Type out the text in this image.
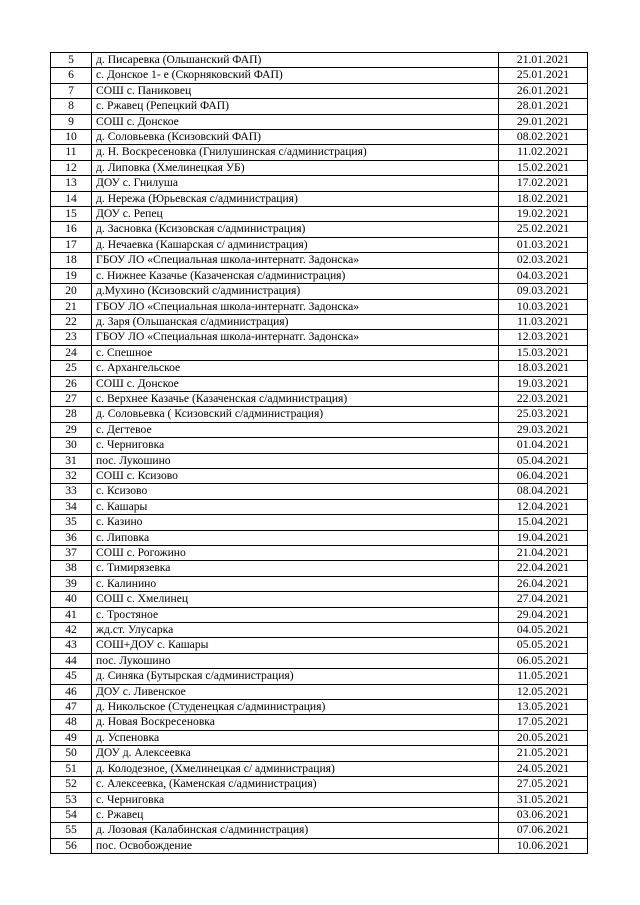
5	д. Писаревка (Ольшанский ФАП)	21.01.2021
6	с. Донское 1- е (Скорняковский ФАП)	25.01.2021
7	СОШ с. Паниковец	26.01.2021
8	с. Ржавец (Репецкий ФАП)	28.01.2021
9	СОШ с. Донское	29.01.2021
10	д. Соловьевка (Ксизовский ФАП)	08.02.2021
11	д. Н. Воскресеновка (Гнилушинская с/администрация)	11.02.2021
12	д. Липовка (Хмелинецкая УБ)	15.02.2021
13	ДОУ с. Гнилуша	17.02.2021
14	д. Нережа (Юрьевская с/администрация)	18.02.2021
15	ДОУ с. Репец	19.02.2021
16	д. Засновка (Ксизовская с/администрация)	25.02.2021
17	д. Нечаевка (Кашарская с/ администрация)	01.03.2021
18	ГБОУ ЛО «Специальная школа-интернатг. Задонска»	02.03.2021
19	с. Нижнее Казачье (Казаченская с/администрация)	04.03.2021
20	д.Мухино (Ксизовский с/администрация)	09.03.2021
21	ГБОУ ЛО «Специальная школа-интернатг. Задонска»	10.03.2021
22	д. Заря (Ольшанская с/администрация)	11.03.2021
23	ГБОУ ЛО «Специальная школа-интернатг. Задонска»	12.03.2021
24	с. Спешное	15.03.2021
25	с. Архангельское	18.03.2021
26	СОШ с. Донское	19.03.2021
27	с. Верхнее Казачье (Казаченская с/администрация)	22.03.2021
28	д. Соловьевка ( Ксизовский с/администрация)	25.03.2021
29	с. Дегтевое	29.03.2021
30	с. Черниговка	01.04.2021
31	пос. Лукошино	05.04.2021
32	СОШ с. Ксизово	06.04.2021
33	с. Ксизово	08.04.2021
34	с. Кашары	12.04.2021
35	с. Казино	15.04.2021
36	с. Липовка	19.04.2021
37	СОШ с. Рогожино	21.04.2021
38	с. Тимирязевка	22.04.2021
39	с. Калинино	26.04.2021
40	СОШ с. Хмелинец	27.04.2021
41	с. Тростяное	29.04.2021
42	жд.ст. Улусарка	04.05.2021
43	СОШ+ДОУ с. Кашары	05.05.2021
44	пос. Лукошино	06.05.2021
45	д. Синяка (Бутырская с/администрация)	11.05.2021
46	ДОУ с. Ливенское	12.05.2021
47	д. Никольское (Студенецкая с/администрация)	13.05.2021
48	д. Новая Воскресеновка	17.05.2021
49	д. Успеновка	20.05.2021
50	ДОУ д. Алексеевка	21.05.2021
51	д. Колодезное, (Хмелинецкая с/ администрация)	24.05.2021
52	с. Алексеевка, (Каменская с/администрация)	27.05.2021
53	с. Черниговка	31.05.2021
54	с. Ржавец	03.06.2021
55	д. Лозовая (Калабинская с/администрация)	07.06.2021
56	пос. Освобождение	10.06.2021
